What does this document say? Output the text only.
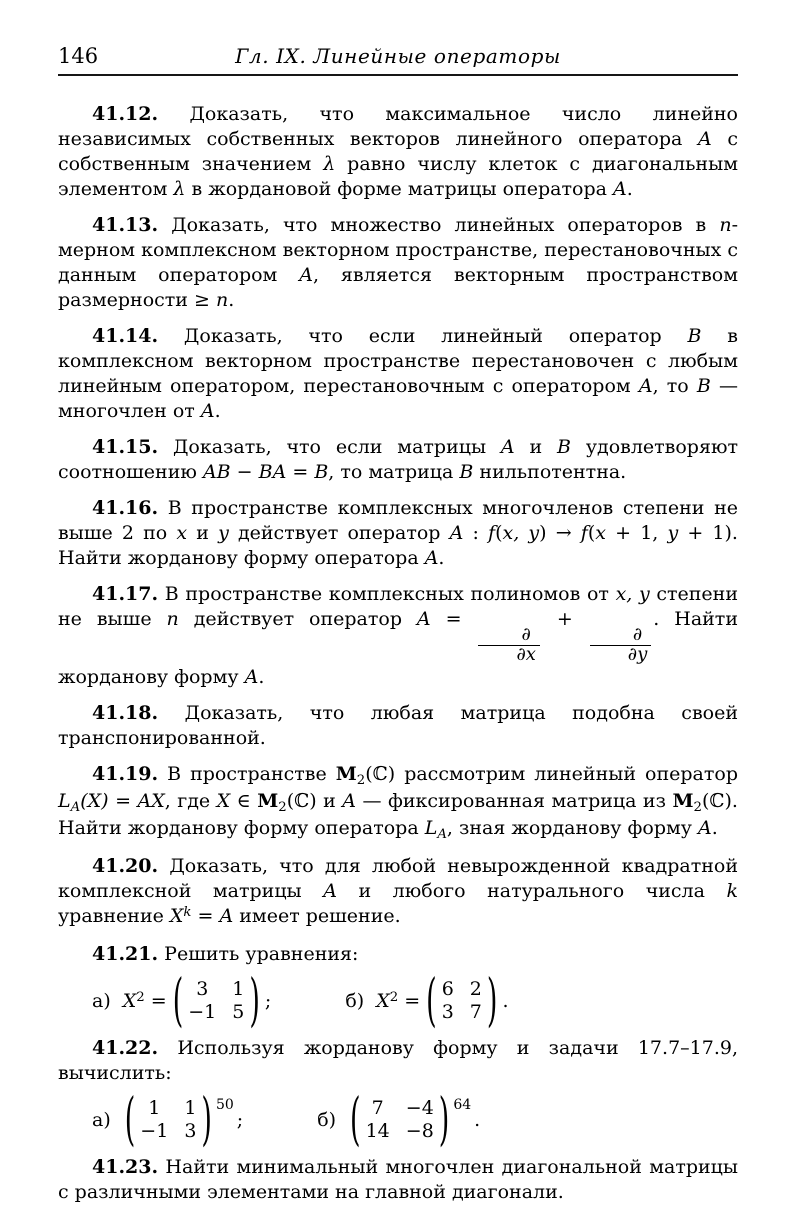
146	Гл. IX. Линейные операторы

41.12. Доказать, что максимальное число линейно независимых собственных векторов линейного оператора A с собственным значением λ равно числу клеток с диагональным элементом λ в жордановой форме матрицы оператора A.

41.13. Доказать, что множество линейных операторов в n-мерном комплексном векторном пространстве, перестановочных с данным оператором A, является векторным пространством размерности ≥ n.

41.14. Доказать, что если линейный оператор B в комплексном векторном пространстве перестановочен с любым линейным оператором, перестановочным с оператором A, то B — многочлен от A.

41.15. Доказать, что если матрицы A и B удовлетворяют соотношению AB − BA = B, то матрица B нильпотентна.

41.16. В пространстве комплексных многочленов степени не выше 2 по x и y действует оператор A : f(x, y) → f(x + 1, y + 1). Найти жорданову форму оператора A.

41.17. В пространстве комплексных полиномов от x, y степени не выше n действует оператор A =
$\frac{\partial}{\partial x}$
+
$\frac{\partial}{\partial y}$
. Найти жорданову форму A.

41.18. Доказать, что любая матрица подобна своей транспонированной.

41.19. В пространстве M2(ℂ) рассмотрим линейный оператор LA(X) = AX, где X ∈ M2(ℂ) и A — фиксированная матрица из M2(ℂ). Найти жорданову форму оператора LA, зная жорданову форму A.

41.20. Доказать, что для любой невырожденной квадратной комплексной матрицы A и любого натурального числа k уравнение $X^k = A$ имеет решение.

41.21. Решить уравнения:

а) $X^2$ = ( 3	1
−1 5 ) ;	б) $X^2$ = ( 6 2
3 7 ) .

41.22. Используя жорданову форму и задачи 17.7–17.9, вычислить:

а) ( 1	1
−1 3 ) 50
;	б) ( 7	−4
14 −8 ) 64
.

41.23. Найти минимальный многочлен диагональной матрицы с различными элементами на главной диагонали.
